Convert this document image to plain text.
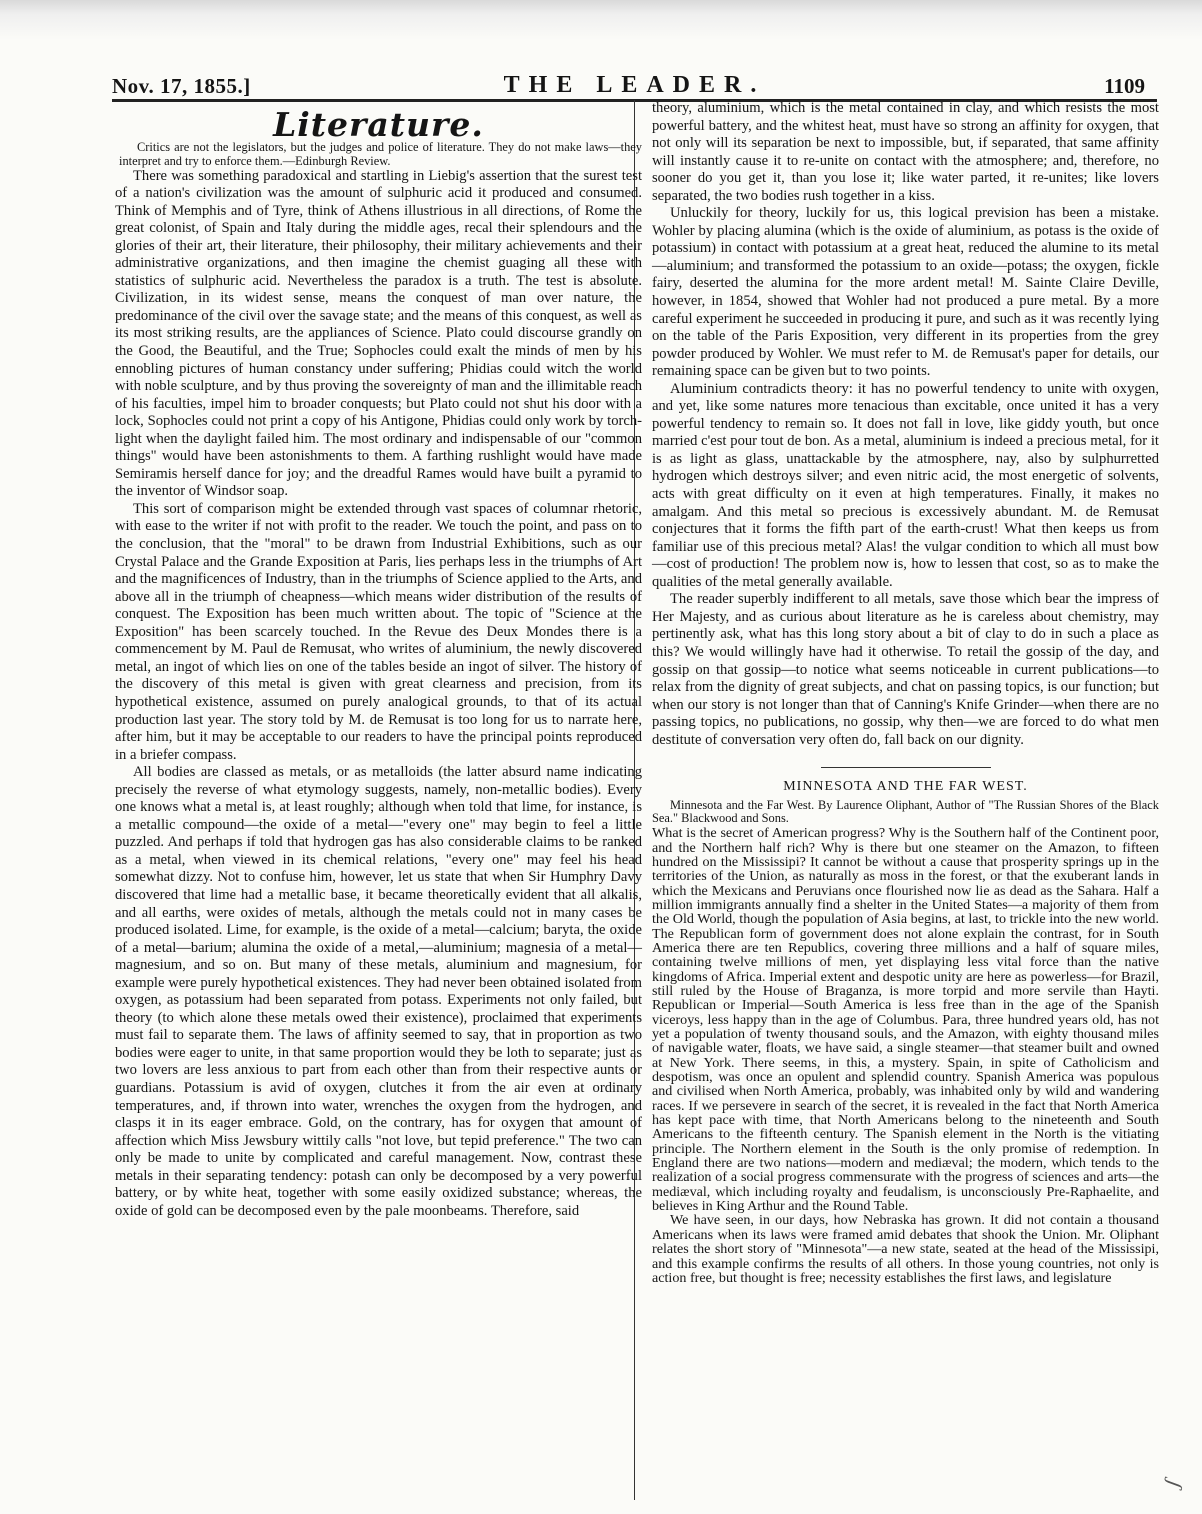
Nov. 17, 1855.]	THE LEADER.	1109
Literature.

Critics are not the legislators, but the judges and police of literature. They do not make laws—they interpret and try to enforce them.—Edinburgh Review.

There was something paradoxical and startling in Liebig's assertion that the surest test of a nation's civilization was the amount of sulphuric acid it produced and consumed. Think of Memphis and of Tyre, think of Athens illustrious in all directions, of Rome the great colonist, of Spain and Italy during the middle ages, recal their splendours and the glories of their art, their literature, their philosophy, their military achievements and their administrative organizations, and then imagine the chemist guaging all these with statistics of sulphuric acid. Nevertheless the paradox is a truth. The test is absolute. Civilization, in its widest sense, means the conquest of man over nature, the predominance of the civil over the savage state; and the means of this conquest, as well as its most striking results, are the appliances of Science. Plato could discourse grandly on the Good, the Beautiful, and the True; Sophocles could exalt the minds of men by his ennobling pictures of human constancy under suffering; Phidias could witch the world with noble sculpture, and by thus proving the sovereignty of man and the illimitable reach of his faculties, impel him to broader conquests; but Plato could not shut his door with a lock, Sophocles could not print a copy of his Antigone, Phidias could only work by torch-light when the daylight failed him. The most ordinary and indispensable of our "common things" would have been astonishments to them. A farthing rushlight would have made Semiramis herself dance for joy; and the dreadful Rames would have built a pyramid to the inventor of Windsor soap.

This sort of comparison might be extended through vast spaces of columnar rhetoric, with ease to the writer if not with profit to the reader. We touch the point, and pass on to the conclusion, that the "moral" to be drawn from Industrial Exhibitions, such as our Crystal Palace and the Grande Exposition at Paris, lies perhaps less in the triumphs of Art and the magnificences of Industry, than in the triumphs of Science applied to the Arts, and above all in the triumph of cheapness—which means wider distribution of the results of conquest. The Exposition has been much written about. The topic of "Science at the Exposition" has been scarcely touched. In the Revue des Deux Mondes there is a commencement by M. Paul de Remusat, who writes of aluminium, the newly discovered metal, an ingot of which lies on one of the tables beside an ingot of silver. The history of the discovery of this metal is given with great clearness and precision, from its hypothetical existence, assumed on purely analogical grounds, to that of its actual production last year. The story told by M. de Remusat is too long for us to narrate here, after him, but it may be acceptable to our readers to have the principal points reproduced in a briefer compass.

All bodies are classed as metals, or as metalloids (the latter absurd name indicating precisely the reverse of what etymology suggests, namely, non-metallic bodies). Every one knows what a metal is, at least roughly; although when told that lime, for instance, is a metallic compound—the oxide of a metal—"every one" may begin to feel a little puzzled. And perhaps if told that hydrogen gas has also considerable claims to be ranked as a metal, when viewed in its chemical relations, "every one" may feel his head somewhat dizzy. Not to confuse him, however, let us state that when Sir Humphry Davy discovered that lime had a metallic base, it became theoretically evident that all alkalis, and all earths, were oxides of metals, although the metals could not in many cases be produced isolated. Lime, for example, is the oxide of a metal—calcium; baryta, the oxide of a metal—barium; alumina the oxide of a metal,—aluminium; magnesia of a metal—magnesium, and so on. But many of these metals, aluminium and magnesium, for example were purely hypothetical existences. They had never been obtained isolated from oxygen, as potassium had been separated from potass. Experiments not only failed, but theory (to which alone these metals owed their existence), proclaimed that experiments must fail to separate them. The laws of affinity seemed to say, that in proportion as two bodies were eager to unite, in that same proportion would they be loth to separate; just as two lovers are less anxious to part from each other than from their respective aunts or guardians. Potassium is avid of oxygen, clutches it from the air even at ordinary temperatures, and, if thrown into water, wrenches the oxygen from the hydrogen, and clasps it in its eager embrace. Gold, on the contrary, has for oxygen that amount of affection which Miss Jewsbury wittily calls "not love, but tepid preference." The two can only be made to unite by complicated and careful management. Now, contrast these metals in their separating tendency: potash can only be decomposed by a very powerful battery, or by white heat, together with some easily oxidized substance; whereas, the oxide of gold can be decomposed even by the pale moonbeams. Therefore, said

theory, aluminium, which is the metal contained in clay, and which resists the most powerful battery, and the whitest heat, must have so strong an affinity for oxygen, that not only will its separation be next to impossible, but, if separated, that same affinity will instantly cause it to re-unite on contact with the atmosphere; and, therefore, no sooner do you get it, than you lose it; like water parted, it re-unites; like lovers separated, the two bodies rush together in a kiss.

Unluckily for theory, luckily for us, this logical prevision has been a mistake. Wohler by placing alumina (which is the oxide of aluminium, as potass is the oxide of potassium) in contact with potassium at a great heat, reduced the alumine to its metal—aluminium; and transformed the potassium to an oxide—potass; the oxygen, fickle fairy, deserted the alumina for the more ardent metal! M. Sainte Claire Deville, however, in 1854, showed that Wohler had not produced a pure metal. By a more careful experiment he succeeded in producing it pure, and such as it was recently lying on the table of the Paris Exposition, very different in its properties from the grey powder produced by Wohler. We must refer to M. de Remusat's paper for details, our remaining space can be given but to two points.

Aluminium contradicts theory: it has no powerful tendency to unite with oxygen, and yet, like some natures more tenacious than excitable, once united it has a very powerful tendency to remain so. It does not fall in love, like giddy youth, but once married c'est pour tout de bon. As a metal, aluminium is indeed a precious metal, for it is as light as glass, unattackable by the atmosphere, nay, also by sulphurretted hydrogen which destroys silver; and even nitric acid, the most energetic of solvents, acts with great difficulty on it even at high temperatures. Finally, it makes no amalgam. And this metal so precious is excessively abundant. M. de Remusat conjectures that it forms the fifth part of the earth-crust! What then keeps us from familiar use of this precious metal? Alas! the vulgar condition to which all must bow—cost of production! The problem now is, how to lessen that cost, so as to make the qualities of the metal generally available.

The reader superbly indifferent to all metals, save those which bear the impress of Her Majesty, and as curious about literature as he is careless about chemistry, may pertinently ask, what has this long story about a bit of clay to do in such a place as this? We would willingly have had it otherwise. To retail the gossip of the day, and gossip on that gossip—to notice what seems noticeable in current publications—to relax from the dignity of great subjects, and chat on passing topics, is our function; but when our story is not longer than that of Canning's Knife Grinder—when there are no passing topics, no publications, no gossip, why then—we are forced to do what men destitute of conversation very often do, fall back on our dignity.

MINNESOTA AND THE FAR WEST.

Minnesota and the Far West. By Laurence Oliphant, Author of "The Russian Shores of the Black Sea." Blackwood and Sons.

What is the secret of American progress? Why is the Southern half of the Continent poor, and the Northern half rich? Why is there but one steamer on the Amazon, to fifteen hundred on the Mississipi? It cannot be without a cause that prosperity springs up in the territories of the Union, as naturally as moss in the forest, or that the exuberant lands in which the Mexicans and Peruvians once flourished now lie as dead as the Sahara. Half a million immigrants annually find a shelter in the United States—a majority of them from the Old World, though the population of Asia begins, at last, to trickle into the new world. The Republican form of government does not alone explain the contrast, for in South America there are ten Republics, covering three millions and a half of square miles, containing twelve millions of men, yet displaying less vital force than the native kingdoms of Africa. Imperial extent and despotic unity are here as powerless—for Brazil, still ruled by the House of Braganza, is more torpid and more servile than Hayti. Republican or Imperial—South America is less free than in the age of the Spanish viceroys, less happy than in the age of Columbus. Para, three hundred years old, has not yet a population of twenty thousand souls, and the Amazon, with eighty thousand miles of navigable water, floats, we have said, a single steamer—that steamer built and owned at New York. There seems, in this, a mystery. Spain, in spite of Catholicism and despotism, was once an opulent and splendid country. Spanish America was populous and civilised when North America, probably, was inhabited only by wild and wandering races. If we persevere in search of the secret, it is revealed in the fact that North America has kept pace with time, that North Americans belong to the nineteenth and South Americans to the fifteenth century. The Spanish element in the North is the vitiating principle. The Northern element in the South is the only promise of redemption. In England there are two nations—modern and mediæval; the modern, which tends to the realization of a social progress commensurate with the progress of sciences and arts—the mediæval, which including royalty and feudalism, is unconsciously Pre-Raphaelite, and believes in King Arthur and the Round Table.

We have seen, in our days, how Nebraska has grown. It did not contain a thousand Americans when its laws were framed amid debates that shook the Union. Mr. Oliphant relates the short story of "Minnesota"—a new state, seated at the head of the Mississipi, and this example confirms the results of all others. In those young countries, not only is action free, but thought is free; necessity establishes the first laws, and legislature

ʃ
